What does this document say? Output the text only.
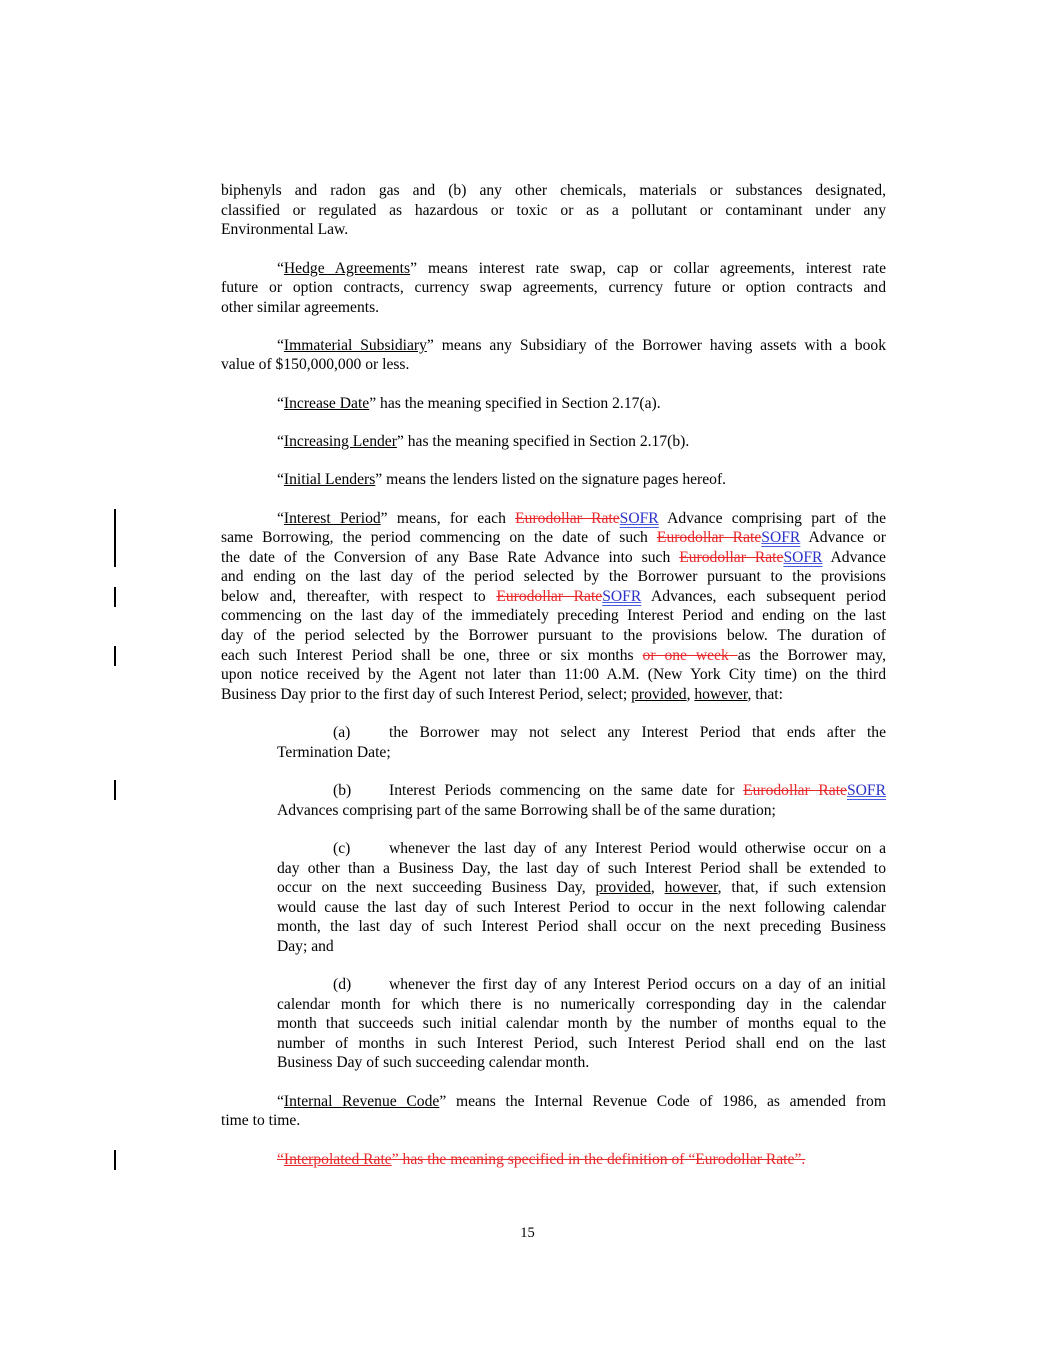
biphenyls and radon gas and (b) any other chemicals, materials or substances designated,
classified or regulated as hazardous or toxic or as a pollutant or contaminant under any
Environmental Law.
“Hedge Agreements” means interest rate swap, cap or collar agreements, interest rate
future or option contracts, currency swap agreements, currency future or option contracts and
other similar agreements.
“Immaterial Subsidiary” means any Subsidiary of the Borrower having assets with a book
value of $150,000,000 or less.
“Increase Date” has the meaning specified in Section 2.17(a).
“Increasing Lender” has the meaning specified in Section 2.17(b).
“Initial Lenders” means the lenders listed on the signature pages hereof.
“Interest Period” means, for each Eurodollar RateSOFR Advance comprising part of the
same Borrowing, the period commencing on the date of such Eurodollar RateSOFR Advance or
the date of the Conversion of any Base Rate Advance into such Eurodollar RateSOFR Advance
and ending on the last day of the period selected by the Borrower pursuant to the provisions
below and, thereafter, with respect to Eurodollar RateSOFR Advances, each subsequent period
commencing on the last day of the immediately preceding Interest Period and ending on the last
day of the period selected by the Borrower pursuant to the provisions below. The duration of
each such Interest Period shall be one, three or six months or one week as the Borrower may,
upon notice received by the Agent not later than 11:00 A.M. (New York City time) on the third
Business Day prior to the first day of such Interest Period, select; provided, however, that:
(a) the Borrower may not select any Interest Period that ends after the
Termination Date;
(b) Interest Periods commencing on the same date for Eurodollar RateSOFR
Advances comprising part of the same Borrowing shall be of the same duration;
(c) whenever the last day of any Interest Period would otherwise occur on a
day other than a Business Day, the last day of such Interest Period shall be extended to
occur on the next succeeding Business Day, provided, however, that, if such extension
would cause the last day of such Interest Period to occur in the next following calendar
month, the last day of such Interest Period shall occur on the next preceding Business
Day; and
(d) whenever the first day of any Interest Period occurs on a day of an initial
calendar month for which there is no numerically corresponding day in the calendar
month that succeeds such initial calendar month by the number of months equal to the
number of months in such Interest Period, such Interest Period shall end on the last
Business Day of such succeeding calendar month.
“Internal Revenue Code” means the Internal Revenue Code of 1986, as amended from
time to time.
“Interpolated Rate” has the meaning specified in the definition of “Eurodollar Rate”.
15
